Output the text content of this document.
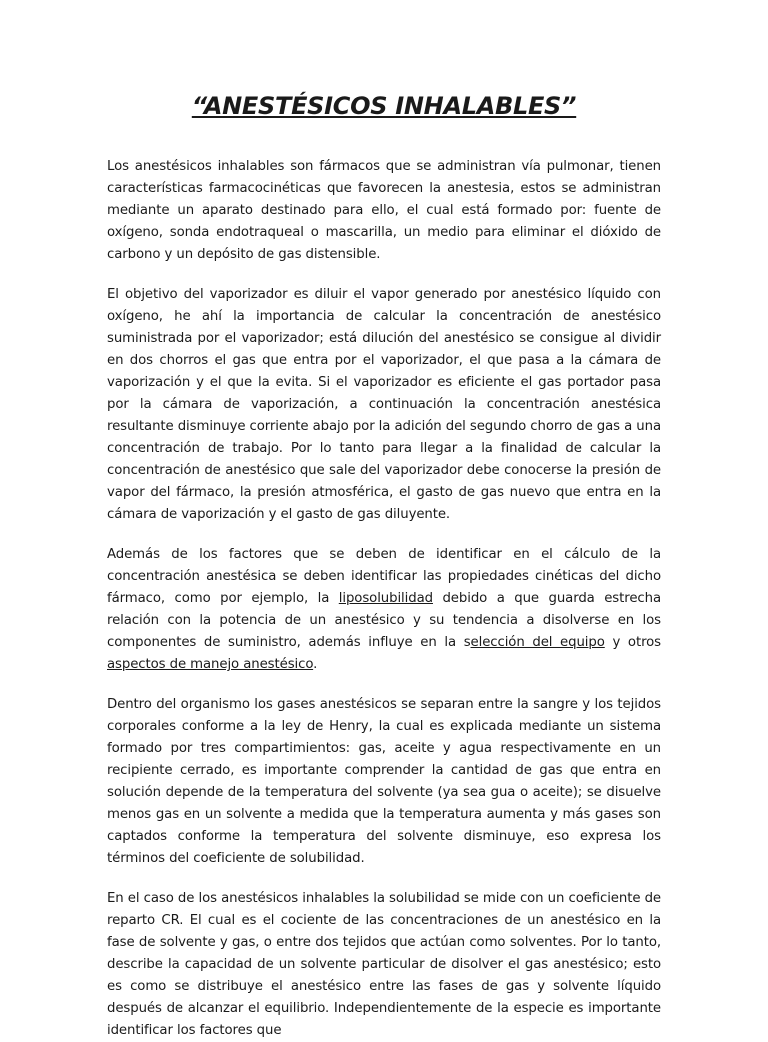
“ANESTÉSICOS INHALABLES”

Los anestésicos inhalables son fármacos que se administran vía pulmonar, tienen características farmacocinéticas que favorecen la anestesia, estos se administran mediante un aparato destinado para ello, el cual está formado por: fuente de oxígeno, sonda endotraqueal o mascarilla, un medio para eliminar el dióxido de carbono y un depósito de gas distensible.

El objetivo del vaporizador es diluir el vapor generado por anestésico líquido con oxígeno, he ahí la importancia de calcular la concentración de anestésico suministrada por el vaporizador; está dilución del anestésico se consigue al dividir en dos chorros el gas que entra por el vaporizador, el que pasa a la cámara de vaporización y el que la evita. Si el vaporizador es eficiente el gas portador pasa por la cámara de vaporización, a continuación la concentración anestésica resultante disminuye corriente abajo por la adición del segundo chorro de gas a una concentración de trabajo. Por lo tanto para llegar a la finalidad de calcular la concentración de anestésico que sale del vaporizador debe conocerse la presión de vapor del fármaco, la presión atmosférica, el gasto de gas nuevo que entra en la cámara de vaporización y el gasto de gas diluyente.

Además de los factores que se deben de identificar en el cálculo de la concentración anestésica se deben identificar las propiedades cinéticas del dicho fármaco, como por ejemplo, la liposolubilidad debido a que guarda estrecha relación con la potencia de un anestésico y su tendencia a disolverse en los componentes de suministro, además influye en la selección del equipo y otros aspectos de manejo anestésico.

Dentro del organismo los gases anestésicos se separan entre la sangre y los tejidos corporales conforme a la ley de Henry, la cual es explicada mediante un sistema formado por tres compartimientos: gas, aceite y agua respectivamente en un recipiente cerrado, es importante comprender la cantidad de gas que entra en solución depende de la temperatura del solvente (ya sea gua o aceite); se disuelve menos gas en un solvente a medida que la temperatura aumenta y más gases son captados conforme la temperatura del solvente disminuye, eso expresa los términos del coeficiente de solubilidad.

En el caso de los anestésicos inhalables la solubilidad se mide con un coeficiente de reparto CR. El cual es el cociente de las concentraciones de un anestésico en la fase de solvente y gas, o entre dos tejidos que actúan como solventes. Por lo tanto, describe la capacidad de un solvente particular de disolver el gas anestésico; esto es como se distribuye el anestésico entre las fases de gas y solvente líquido después de alcanzar el equilibrio. Independientemente de la especie es importante identificar los factores que
